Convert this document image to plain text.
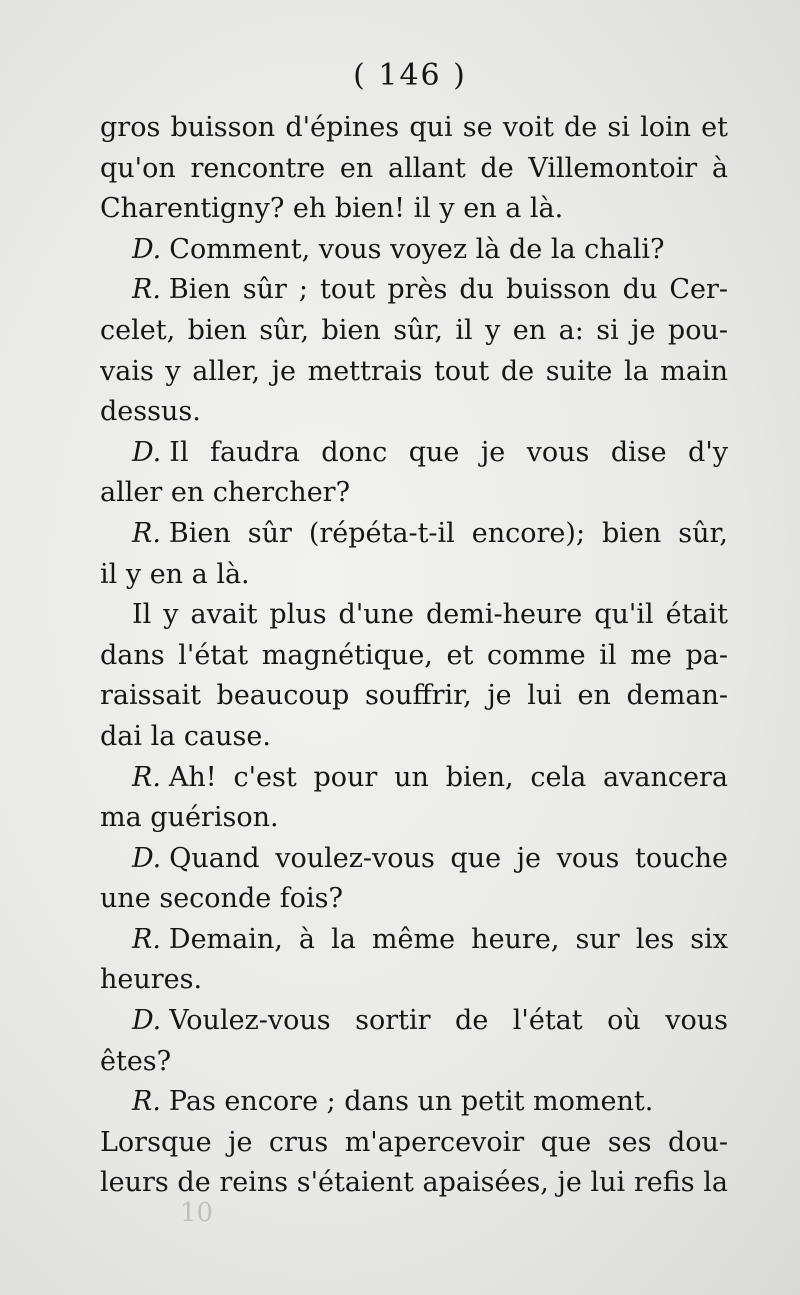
( 146 )
gros buisson d'épines qui se voit de si loin et
qu'on rencontre en allant de Villemontoir à
Charentigny? eh bien! il y en a là.
D. Comment, vous voyez là de la chali?
R. Bien sûr ; tout près du buisson du Cer-
celet, bien sûr, bien sûr, il y en a: si je pou-
vais y aller, je mettrais tout de suite la main
dessus.
D. Il faudra donc que je vous dise d'y
aller en chercher?
R. Bien sûr (répéta-t-il encore); bien sûr,
il y en a là.
Il y avait plus d'une demi-heure qu'il était
dans l'état magnétique, et comme il me pa-
raissait beaucoup souffrir, je lui en deman-
dai la cause.
R. Ah! c'est pour un bien, cela avancera
ma guérison.
D. Quand voulez-vous que je vous touche
une seconde fois?
R. Demain, à la même heure, sur les six
heures.
D. Voulez-vous sortir de l'état où vous
êtes?
R. Pas encore ; dans un petit moment.
Lorsque je crus m'apercevoir que ses dou-
leurs de reins s'étaient apaisées, je lui refis la
10
